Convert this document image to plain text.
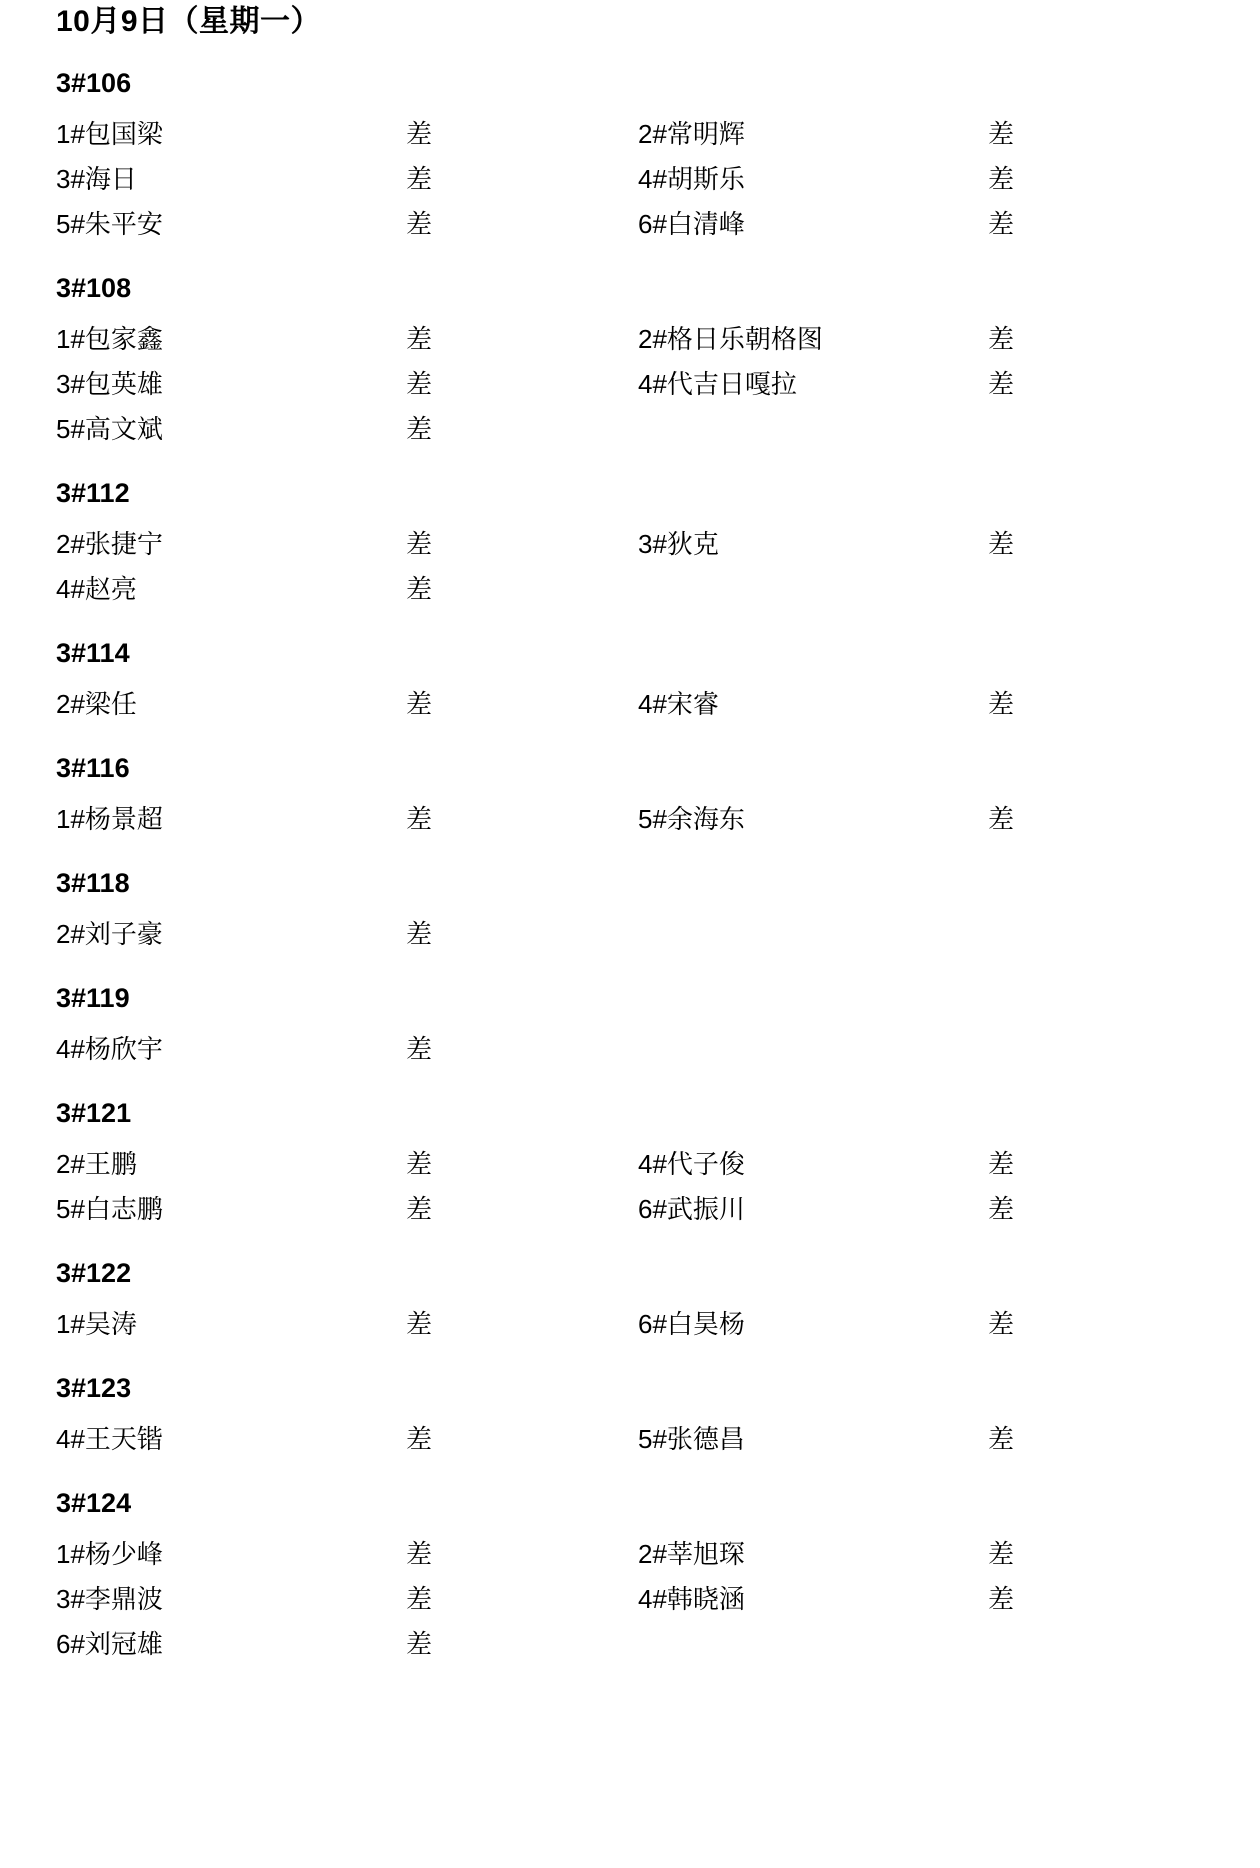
10月9日（星期一）
3#106
1#包国梁	差	2#常明辉	差
3#海日	差	4#胡斯乐	差
5#朱平安	差	6#白清峰	差
3#108
1#包家鑫	差	2#格日乐朝格图	差
3#包英雄	差	4#代吉日嘎拉	差
5#高文斌	差
3#112
2#张捷宁	差	3#狄克	差
4#赵亮	差
3#114
2#梁任	差	4#宋睿	差
3#116
1#杨景超	差	5#余海东	差
3#118
2#刘子豪	差
3#119
4#杨欣宇	差
3#121
2#王鹏	差	4#代子俊	差
5#白志鹏	差	6#武振川	差
3#122
1#吴涛	差	6#白昊杨	差
3#123
4#王天锴	差	5#张德昌	差
3#124
1#杨少峰	差	2#莘旭琛	差
3#李鼎波	差	4#韩晓涵	差
6#刘冠雄	差
